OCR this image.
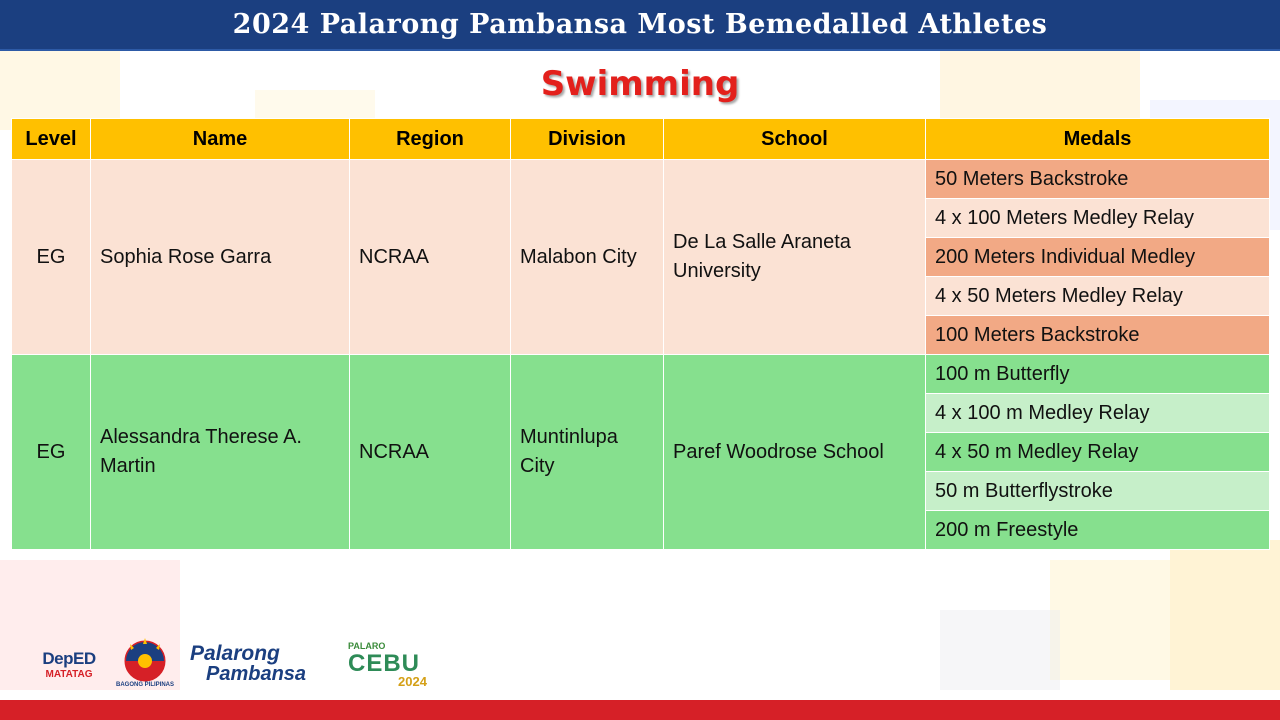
2024 Palarong Pambansa Most Bemedalled Athletes
Swimming
Level	Name	Region	Division	School	Medals
EG	Sophia Rose Garra	NCRAA	Malabon City	De La Salle Araneta University	50 Meters Backstroke
					4 x 100 Meters Medley Relay
					200 Meters Individual Medley
					4 x 50 Meters Medley Relay
					100 Meters Backstroke
EG	Alessandra Therese A. Martin	NCRAA	Muntinlupa City	Paref Woodrose School	100 m Butterfly
					4 x 100 m Medley Relay
					4 x 50 m Medley Relay
					50 m Butterflystroke
					200 m Freestyle
DepED
MATATAG
BAGONG PILIPINAS
Palarong
Pambansa
PALARO
CEBU
2024
